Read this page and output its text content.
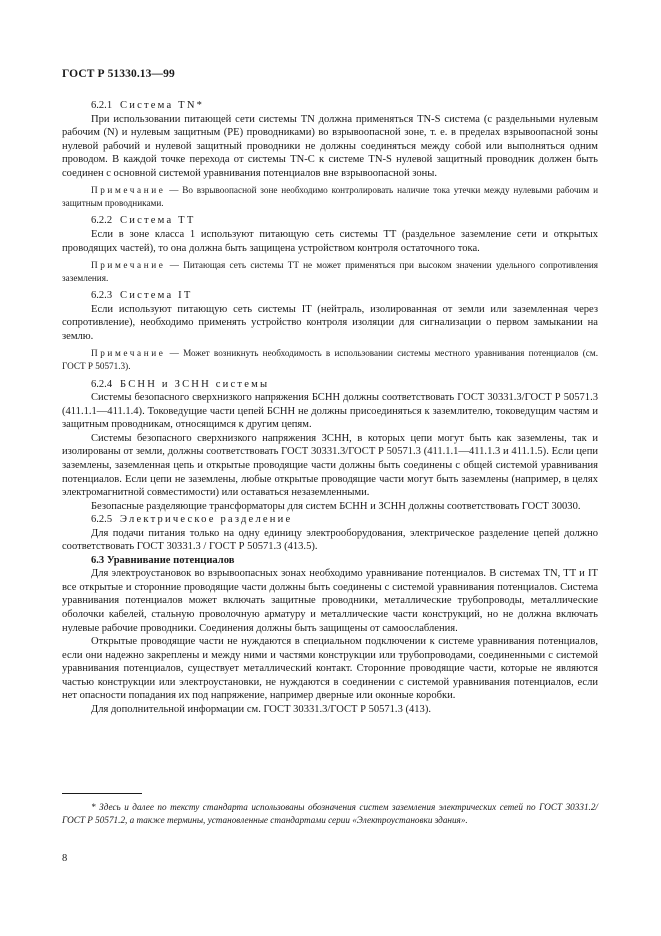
ГОСТ Р 51330.13—99

6.2.1 Система TN*

При использовании питающей сети системы TN должна применяться TN-S система (с раздельными нулевым рабочим (N) и нулевым защитным (PE) проводниками) во взрывоопасной зоне, т. е. в пределах взрывоопасной зоны нулевой рабочий и нулевой защитный проводники не должны соединяться между собой или выполняться одним проводом. В каждой точке перехода от системы TN-C к системе TN-S нулевой защитный проводник должен быть соединен с основной системой уравнивания потенциалов вне взрывоопасной зоны.

Примечание — Во взрывоопасной зоне необходимо контролировать наличие тока утечки между нулевыми рабочим и защитным проводниками.

6.2.2 Система TT

Если в зоне класса 1 используют питающую сеть системы TT (раздельное заземление сети и открытых проводящих частей), то она должна быть защищена устройством контроля остаточного тока.

Примечание — Питающая сеть системы TT не может применяться при высоком значении удельного сопротивления заземления.

6.2.3 Система IT

Если используют питающую сеть системы IT (нейтраль, изолированная от земли или заземленная через сопротивление), необходимо применять устройство контроля изоляции для сигнализации о первом замыкании на землю.

Примечание — Может возникнуть необходимость в использовании системы местного уравнивания потенциалов (см. ГОСТ Р 50571.3).

6.2.4 БСНН и ЗСНН системы

Системы безопасного сверхнизкого напряжения БСНН должны соответствовать ГОСТ 30331.3/ГОСТ Р 50571.3 (411.1.1—411.1.4). Токоведущие части цепей БСНН не должны присоединяться к заземлителю, токоведущим частям и защитным проводникам, относящимся к другим цепям.

Системы безопасного сверхнизкого напряжения ЗСНН, в которых цепи могут быть как заземлены, так и изолированы от земли, должны соответствовать ГОСТ 30331.3/ГОСТ Р 50571.3 (411.1.1—411.1.3 и 411.1.5). Если цепи заземлены, заземленная цепь и открытые проводящие части должны быть соединены с общей системой уравнивания потенциалов. Если цепи не заземлены, любые открытые проводящие части могут быть заземлены (например, в целях электромагнитной совместимости) или оставаться незаземленными.

Безопасные разделяющие трансформаторы для систем БСНН и ЗСНН должны соответствовать ГОСТ 30030.

6.2.5 Электрическое разделение

Для подачи питания только на одну единицу электрооборудования, электрическое разделение цепей должно соответствовать ГОСТ 30331.3 / ГОСТ Р 50571.3 (413.5).

6.3 Уравнивание потенциалов

Для электроустановок во взрывоопасных зонах необходимо уравнивание потенциалов. В системах TN, TT и IT все открытые и сторонние проводящие части должны быть соединены с системой уравнивания потенциалов. Система уравнивания потенциалов может включать защитные проводники, металлические трубопроводы, металлические оболочки кабелей, стальную проволочную арматуру и металлические части конструкций, но не должна включать нулевые рабочие проводники. Соединения должны быть защищены от самоослабления.

Открытые проводящие части не нуждаются в специальном подключении к системе уравнивания потенциалов, если они надежно закреплены и между ними и частями конструкции или трубопроводами, соединенными с системой уравнивания потенциалов, существует металлический контакт. Сторонние проводящие части, которые не являются частью конструкции или электроустановки, не нуждаются в соединении с системой уравнивания потенциалов, если нет опасности попадания их под напряжение, например дверные или оконные коробки.

Для дополнительной информации см. ГОСТ 30331.3/ГОСТ Р 50571.3 (413).

* Здесь и далее по тексту стандарта использованы обозначения систем заземления электрических сетей по ГОСТ 30331.2/ГОСТ Р 50571.2, а также термины, установленные стандартами серии «Электроустановки здания».
8
